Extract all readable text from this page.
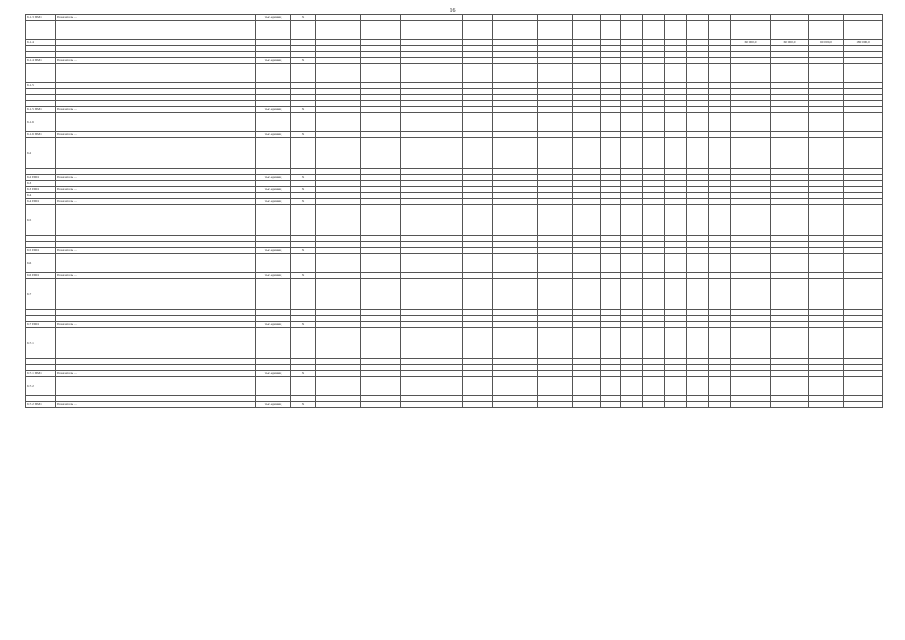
16
6.1.3 ПМ1	Показатель ...	тыс.единиц	X																	

6.1.4																	60 000,0	60 000,0	60 000,0	180 000,0

6.1.4 ПМ1	Показатель ...	тыс.единиц	X																	

6.1.5																				

6.1.5 ПМ1	Показатель ...	тыс.единиц	X																	
6.1.6																				
6.1.6 ПМ1	Показатель ...	тыс.единиц	X																	
6.2																				

6.2 ПМ1	Показатель ...	тыс.единиц	X																	
6.3																				
6.3 ПМ1	Показатель ...	тыс.единиц	X																	
6.4																				
6.4 ПМ1	Показатель ...	тыс.единиц	X																	
6.5																				

6.5 ПМ1	Показатель ...	тыс.единиц	X																	
6.6																				
6.6 ПМ1	Показатель ...	тыс.единиц	X																	
6.7																				

6.7 ПМ1	Показатель ...	тыс.единиц	X																	
6.7.1																				

6.7.1 ПМ1	Показатель ...	тыс.единиц	X																	
6.7.2																				

6.7.2 ПМ1	Показатель ...	тыс.единиц	X																	
